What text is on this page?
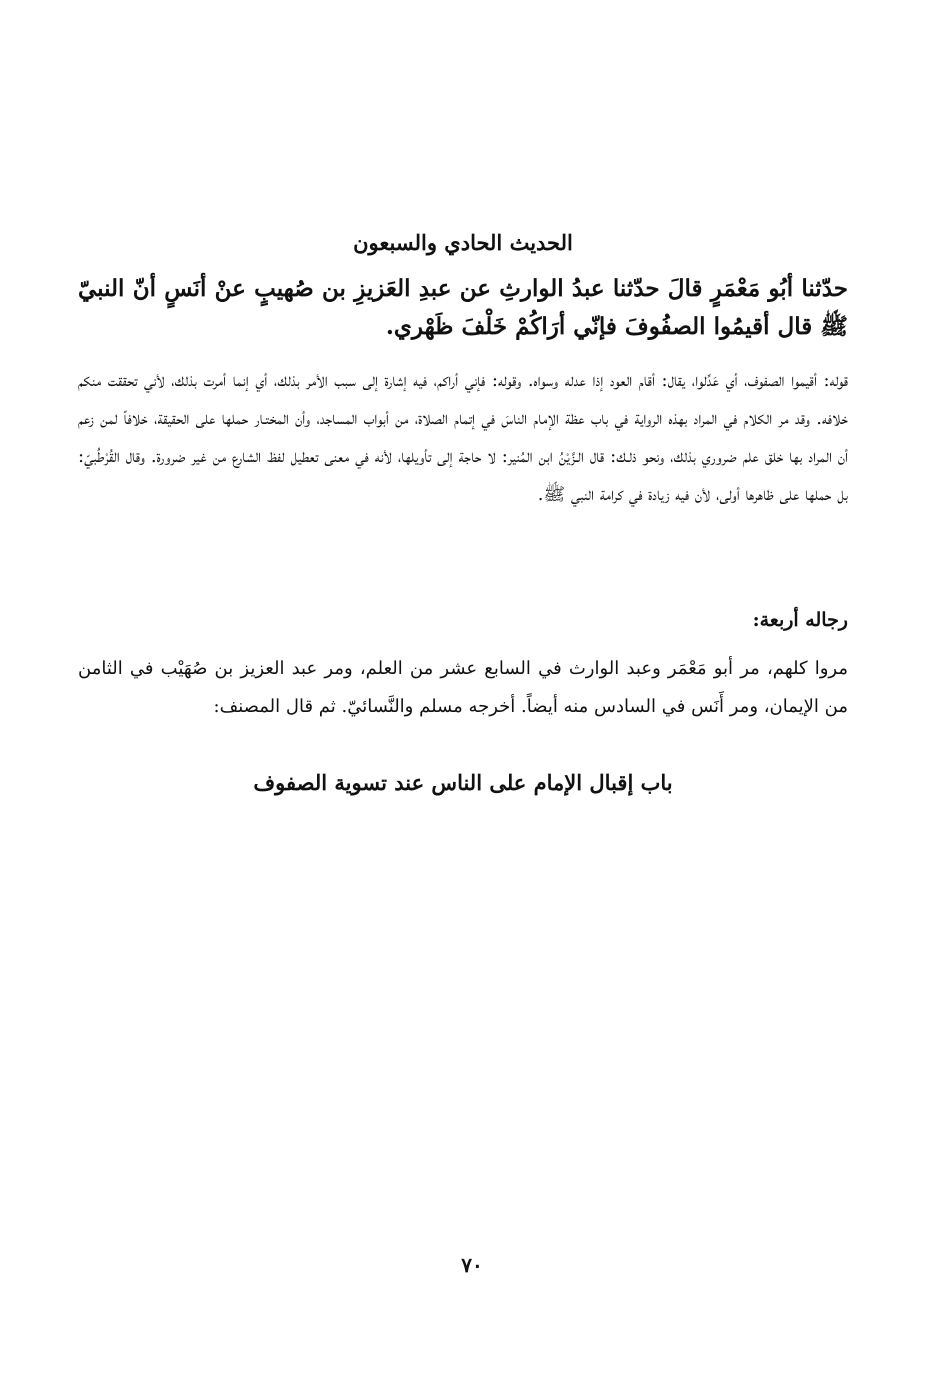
الحديث الحادي والسبعون
حدّثنا أبُو مَعْمَرٍ قالَ حدّثنا عبدُ الوارثِ عن عبدِ العَزيزِ بن صُهيبٍ عنْ أنَسٍ أنّ النبيّ ﷺ قال أقيمُوا الصفُوفَ فإنّي أرَاكُمْ خَلْفَ ظَهْري.
قوله: أقيموا الصفوف، أي عَدِّلوا، يقال: أقام العود إذا عدله وسواه. وقوله: فإني أراكم، فيه إشارة إلى سبب الأمر بذلك، أي إنما أمرت بذلك، لأني تحققت منكم خلافه. وقد مر الكلام في المراد بهذه الرواية في باب عظة الإمام الناسَ في إتمام الصلاة، من أبواب المساجد، وأن المختـار حملها على الحقيقة، خلافاً لمن زعم أن المراد بها خلق علم ضروري بذلك، ونحو ذلـك: قال الـزَّيْنُ ابن المُنير: لا حاجة إلى تأويلها، لأنه في معنى تعطيل لفظ الشارع من غير ضرورة. وقال القُرْطُبيّ: بل حملها على ظاهرها أولى، لأن فيه زيادة في كرامة النبي ﷺ.
رجاله أربعة:
مروا كلهم، مر أبو مَعْمَر وعبد الوارث في السابع عشر من العلم، ومر عبد العزيز بن صُهَيْب في الثامن من الإيمان، ومر أَنَس في السادس منه أيضاً. أخرجه مسلم والنَّسائيّ. ثم قال المصنف:
باب إقبال الإمام على الناس عند تسوية الصفوف
٧٠
